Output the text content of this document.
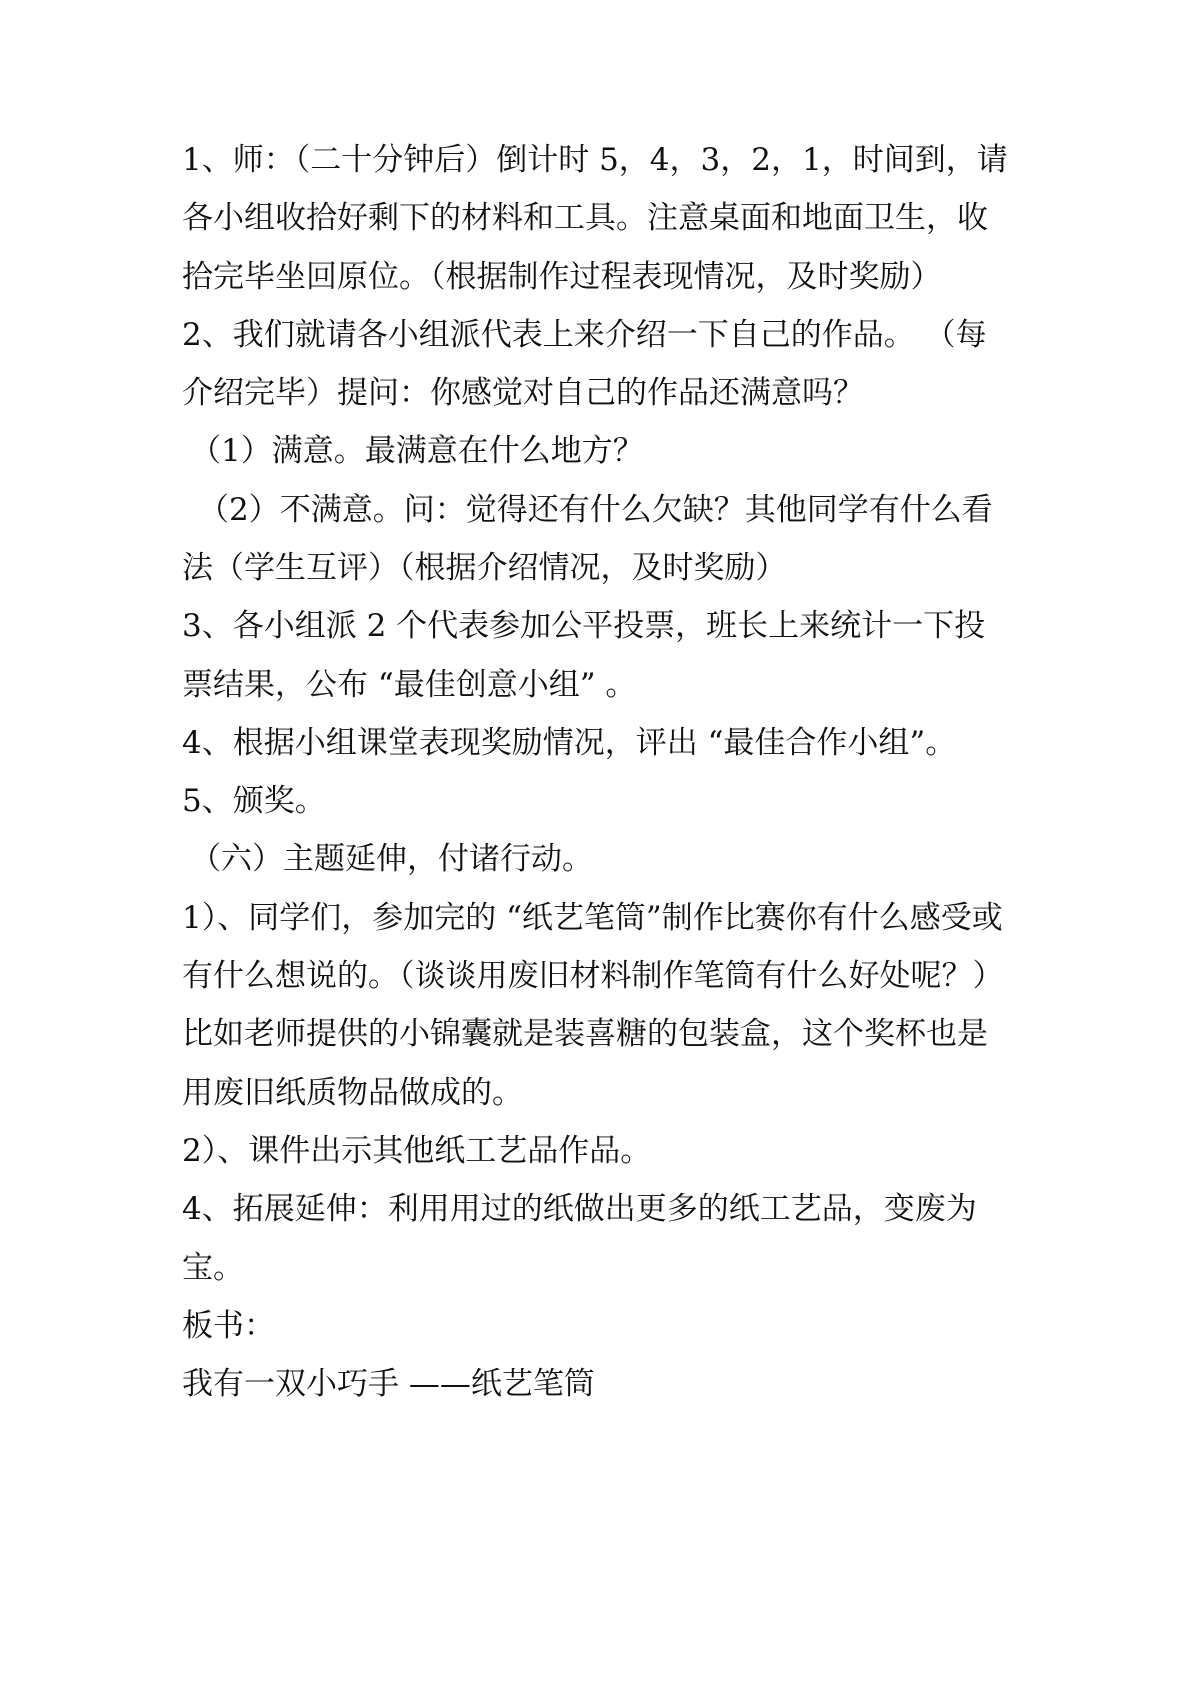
1、师：（二十分钟后）倒计时 5，4，3，2，1，时间到，请

各小组收拾好剩下的材料和工具。注意桌面和地面卫生，收

拾完毕坐回原位。（根据制作过程表现情况，及时奖励）

2、我们就请各小组派代表上来介绍一下自己的作品。 （每

介绍完毕）提问：你感觉对自己的作品还满意吗？

（1）满意。最满意在什么地方？

（2）不满意。问：觉得还有什么欠缺？其他同学有什么看

法（学生互评）（根据介绍情况，及时奖励）

3、各小组派 2 个代表参加公平投票，班长上来统计一下投

票结果，公布 “最佳创意小组” 。

4、根据小组课堂表现奖励情况，评出 “最佳合作小组”。

5、颁奖。

（六）主题延伸，付诸行动。

1）、同学们，参加完的 “纸艺笔筒”制作比赛你有什么感受或

有什么想说的。（谈谈用废旧材料制作笔筒有什么好处呢？）

比如老师提供的小锦囊就是装喜糖的包装盒，这个奖杯也是

用废旧纸质物品做成的。

2）、课件出示其他纸工艺品作品。

4、拓展延伸：利用用过的纸做出更多的纸工艺品，变废为

宝。

板书：

我有一双小巧手 ——纸艺笔筒
